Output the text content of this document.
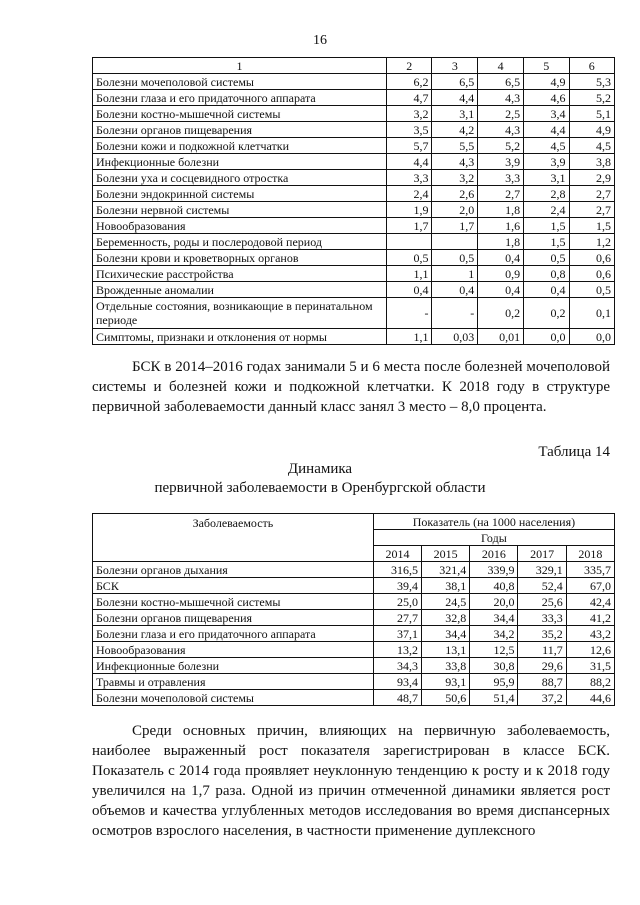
16
1	2	3	4	5	6
Болезни мочеполовой системы	6,2	6,5	6,5	4,9	5,3
Болезни глаза и его придаточного аппарата	4,7	4,4	4,3	4,6	5,2
Болезни костно-мышечной системы	3,2	3,1	2,5	3,4	5,1
Болезни органов пищеварения	3,5	4,2	4,3	4,4	4,9
Болезни кожи и подкожной клетчатки	5,7	5,5	5,2	4,5	4,5
Инфекционные болезни	4,4	4,3	3,9	3,9	3,8
Болезни уха и сосцевидного отростка	3,3	3,2	3,3	3,1	2,9
Болезни эндокринной системы	2,4	2,6	2,7	2,8	2,7
Болезни нервной системы	1,9	2,0	1,8	2,4	2,7
Новообразования	1,7	1,7	1,6	1,5	1,5
Беременность, роды и послеродовой период			1,8	1,5	1,2
Болезни крови и кроветворных органов	0,5	0,5	0,4	0,5	0,6
Психические расстройства	1,1	1	0,9	0,8	0,6
Врожденные аномалии	0,4	0,4	0,4	0,4	0,5
Отдельные состояния, возникающие в перинатальном периоде	-	-	0,2	0,2	0,1
Симптомы, признаки и отклонения от нормы	1,1	0,03	0,01	0,0	0,0
БСК в 2014–2016 годах занимали 5 и 6 места после болезней мочеполовой системы и болезней кожи и подкожной клетчатки. К 2018 году в структуре первичной заболеваемости данный класс занял 3 место – 8,0 процента.
Таблица 14
Динамика
первичной заболеваемости в Оренбургской области
Заболеваемость	Показатель (на 1000 населения)				
	Годы				
	2014	2015	2016	2017	2018
Болезни органов дыхания	316,5	321,4	339,9	329,1	335,7
БСК	39,4	38,1	40,8	52,4	67,0
Болезни костно-мышечной системы	25,0	24,5	20,0	25,6	42,4
Болезни органов пищеварения	27,7	32,8	34,4	33,3	41,2
Болезни глаза и его придаточного аппарата	37,1	34,4	34,2	35,2	43,2
Новообразования	13,2	13,1	12,5	11,7	12,6
Инфекционные болезни	34,3	33,8	30,8	29,6	31,5
Травмы и отравления	93,4	93,1	95,9	88,7	88,2
Болезни мочеполовой системы	48,7	50,6	51,4	37,2	44,6
Среди основных причин, влияющих на первичную заболеваемость, наиболее выраженный рост показателя зарегистрирован в классе БСК. Показатель с 2014 года проявляет неуклонную тенденцию к росту и к 2018 году увеличился на 1,7 раза. Одной из причин отмеченной динамики является рост объемов и качества углубленных методов исследования во время диспансерных осмотров взрослого населения, в частности применение дуплексного
